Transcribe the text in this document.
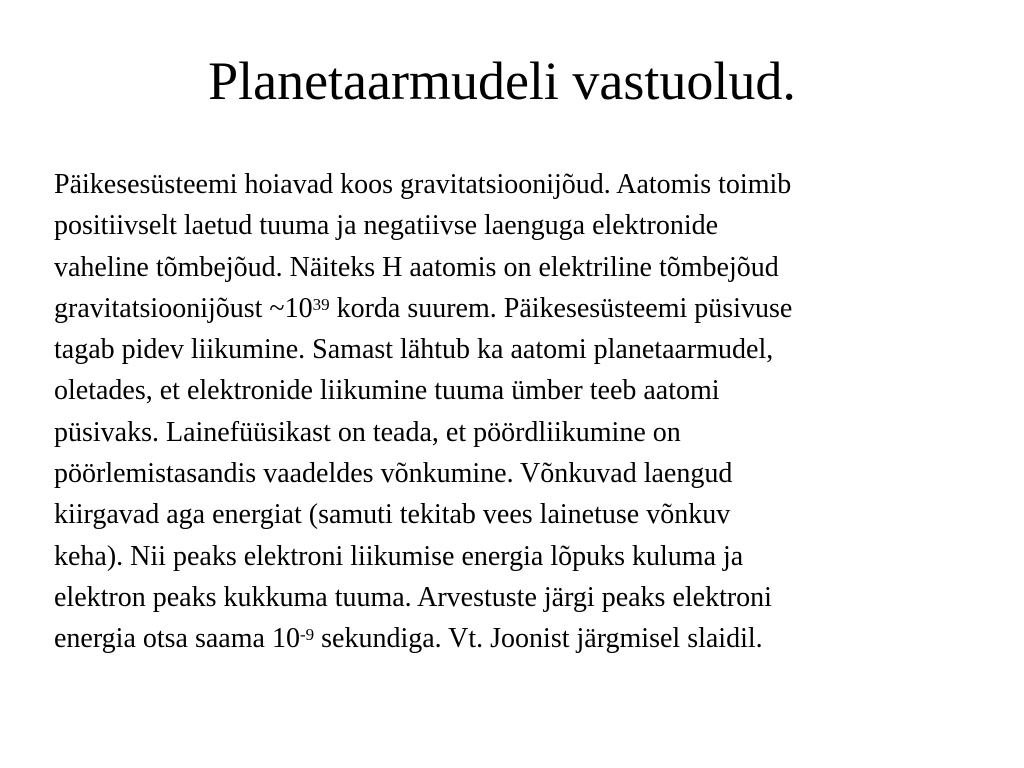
Planetaarmudeli vastuolud.
Päikesesüsteemi hoiavad koos gravitatsioonijõud. Aatomis toimib
positiivselt laetud tuuma ja negatiivse laenguga elektronide
vaheline tõmbejõud. Näiteks H aatomis on elektriline tõmbejõud
gravitatsioonijõust $\sim 10^{39}$ korda suurem. Päikesesüsteemi püsivuse
tagab pidev liikumine. Samast lähtub ka aatomi planetaarmudel,
oletades, et elektronide liikumine tuuma ümber teeb aatomi
püsivaks. Lainefüüsikast on teada, et pöördliikumine on
pöörlemistasandis vaadeldes võnkumine. Võnkuvad laengud
kiirgavad aga energiat (samuti tekitab vees lainetuse võnkuv
keha). Nii peaks elektroni liikumise energia lõpuks kuluma ja
elektron peaks kukkuma tuuma. Arvestuste järgi peaks elektroni
energia otsa saama $10^{-9}$ sekundiga. Vt. Joonist järgmisel slaidil.
